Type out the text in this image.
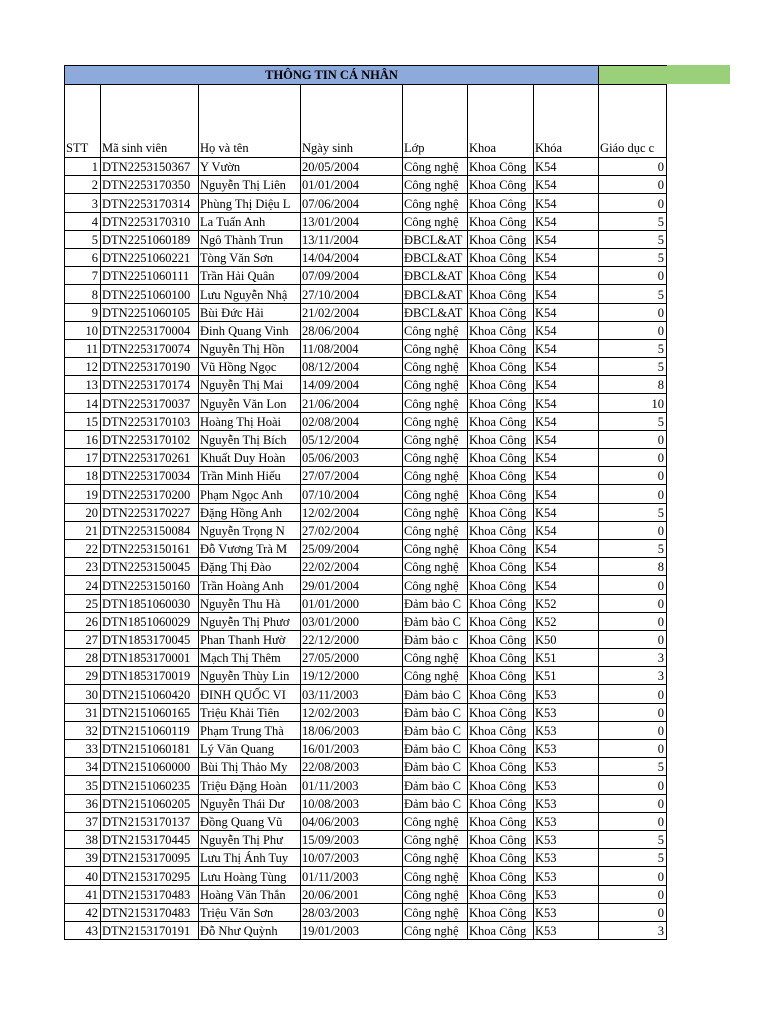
THÔNG TIN CÁ NHÂN							
STT	Mã sinh viên	Họ và tên	Ngày sinh	Lớp	Khoa	Khóa	Giáo dục c
1	DTN2253150367	Y Vườn	20/05/2004	Công nghệ	Khoa Công	K54	0
2	DTN2253170350	Nguyễn Thị Liên	01/01/2004	Công nghệ	Khoa Công	K54	0
3	DTN2253170314	Phùng Thị Diệu L	07/06/2004	Công nghệ	Khoa Công	K54	0
4	DTN2253170310	La Tuấn Anh	13/01/2004	Công nghệ	Khoa Công	K54	5
5	DTN2251060189	Ngô Thành Trun	13/11/2004	ĐBCL&AT	Khoa Công	K54	5
6	DTN2251060221	Tòng Văn Sơn	14/04/2004	ĐBCL&AT	Khoa Công	K54	5
7	DTN2251060111	Trần Hải Quân	07/09/2004	ĐBCL&AT	Khoa Công	K54	0
8	DTN2251060100	Lưu Nguyễn Nhậ	27/10/2004	ĐBCL&AT	Khoa Công	K54	5
9	DTN2251060105	Bùi Đức Hải	21/02/2004	ĐBCL&AT	Khoa Công	K54	0
10	DTN2253170004	Đinh Quang Vinh	28/06/2004	Công nghệ	Khoa Công	K54	0
11	DTN2253170074	Nguyễn Thị Hồn	11/08/2004	Công nghệ	Khoa Công	K54	5
12	DTN2253170190	Vũ Hồng Ngọc	08/12/2004	Công nghệ	Khoa Công	K54	5
13	DTN2253170174	Nguyễn Thị Mai	14/09/2004	Công nghệ	Khoa Công	K54	8
14	DTN2253170037	Nguyễn Văn Lon	21/06/2004	Công nghệ	Khoa Công	K54	10
15	DTN2253170103	Hoàng Thị Hoài	02/08/2004	Công nghệ	Khoa Công	K54	5
16	DTN2253170102	Nguyễn Thị Bích	05/12/2004	Công nghệ	Khoa Công	K54	0
17	DTN2253170261	Khuất Duy Hoàn	05/06/2003	Công nghệ	Khoa Công	K54	0
18	DTN2253170034	Trần Minh Hiếu	27/07/2004	Công nghệ	Khoa Công	K54	0
19	DTN2253170200	Phạm Ngọc Anh	07/10/2004	Công nghệ	Khoa Công	K54	0
20	DTN2253170227	Đặng Hồng Anh	12/02/2004	Công nghệ	Khoa Công	K54	5
21	DTN2253150084	Nguyễn Trọng N	27/02/2004	Công nghệ	Khoa Công	K54	0
22	DTN2253150161	Đỗ Vương Trà M	25/09/2004	Công nghệ	Khoa Công	K54	5
23	DTN2253150045	Đặng Thị Đào	22/02/2004	Công nghệ	Khoa Công	K54	8
24	DTN2253150160	Trần Hoàng Anh	29/01/2004	Công nghệ	Khoa Công	K54	0
25	DTN1851060030	Nguyễn Thu Hà	01/01/2000	Đảm bảo C	Khoa Công	K52	0
26	DTN1851060029	Nguyễn Thị Phươ	03/01/2000	Đảm bảo C	Khoa Công	K52	0
27	DTN1853170045	Phan Thanh Hườ	22/12/2000	Đảm bảo c	Khoa Công	K50	0
28	DTN1853170001	Mạch Thị Thêm	27/05/2000	Công nghệ	Khoa Công	K51	3
29	DTN1853170019	Nguyễn Thùy Lin	19/12/2000	Công nghệ	Khoa Công	K51	3
30	DTN2151060420	ĐINH QUỐC VI	03/11/2003	Đảm bảo C	Khoa Công	K53	0
31	DTN2151060165	Triệu Khải Tiên	12/02/2003	Đảm bảo C	Khoa Công	K53	0
32	DTN2151060119	Phạm Trung Thà	18/06/2003	Đảm bảo C	Khoa Công	K53	0
33	DTN2151060181	Lý Văn Quang	16/01/2003	Đảm bảo C	Khoa Công	K53	0
34	DTN2151060000	Bùi Thị Thảo My	22/08/2003	Đảm bảo C	Khoa Công	K53	5
35	DTN2151060235	Triệu Đặng Hoàn	01/11/2003	Đảm bảo C	Khoa Công	K53	0
36	DTN2151060205	Nguyễn Thái Dư	10/08/2003	Đảm bảo C	Khoa Công	K53	0
37	DTN2153170137	Đồng Quang Vũ	04/06/2003	Công nghệ	Khoa Công	K53	0
38	DTN2153170445	Nguyễn Thị Phư	15/09/2003	Công nghệ	Khoa Công	K53	5
39	DTN2153170095	Lưu Thị Ánh Tuy	10/07/2003	Công nghệ	Khoa Công	K53	5
40	DTN2153170295	Lưu Hoàng Tùng	01/11/2003	Công nghệ	Khoa Công	K53	0
41	DTN2153170483	Hoàng Văn Thắn	20/06/2001	Công nghệ	Khoa Công	K53	0
42	DTN2153170483	Triệu Văn Sơn	28/03/2003	Công nghệ	Khoa Công	K53	0
43	DTN2153170191	Đỗ Như Quỳnh	19/01/2003	Công nghệ	Khoa Công	K53	3
